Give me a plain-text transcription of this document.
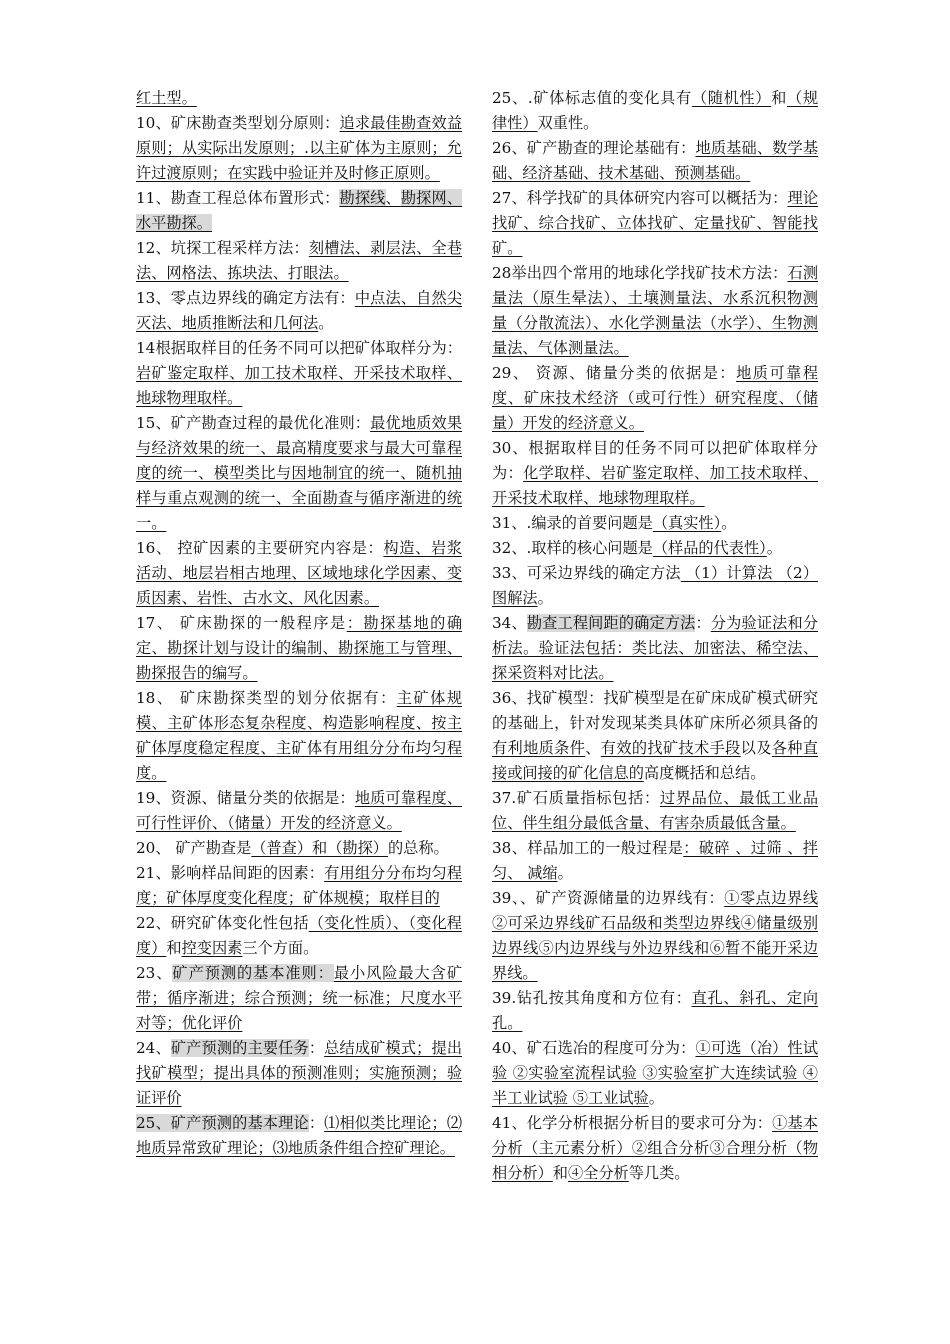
红土型。
10、矿床勘查类型划分原则：追求最佳勘查效益原则；从实际出发原则；.以主矿体为主原则；允许过渡原则；在实践中验证并及时修正原则。
11、勘查工程总体布置形式：勘探线、勘探网、水平勘探。
12、坑探工程采样方法：刻槽法、剥层法、全巷法、网格法、拣块法、打眼法。
13、零点边界线的确定方法有：中点法、自然尖灭法、地质推断法和几何法。
14根据取样目的任务不同可以把矿体取样分为：岩矿鉴定取样、加工技术取样、开采技术取样、地球物理取样。
15、矿产勘查过程的最优化准则：最优地质效果与经济效果的统一、最高精度要求与最大可靠程度的统一、模型类比与因地制宜的统一、随机抽样与重点观测的统一、全面勘查与循序渐进的统一。
16、 控矿因素的主要研究内容是：构造、岩浆活动、地层岩相古地理、区域地球化学因素、变质因素、岩性、古水文、风化因素。
17、 矿床勘探的一般程序是：勘探基地的确定、勘探计划与设计的编制、勘探施工与管理、勘探报告的编写。
18、 矿床勘探类型的划分依据有：主矿体规模、主矿体形态复杂程度、构造影响程度、按主矿体厚度稳定程度、主矿体有用组分分布均匀程度。
19、资源、储量分类的依据是：地质可靠程度、可行性评价、（储量）开发的经济意义。
20、 矿产勘查是（普查）和（勘探）的总称。
21、影响样品间距的因素：有用组分分布均匀程度；矿体厚度变化程度；矿体规模；取样目的
22、研究矿体变化性包括（变化性质）、（变化程度）和控变因素三个方面。
23、矿产预测的基本准则：最小风险最大含矿带；循序渐进；综合预测；统一标准；尺度水平对等；优化评价
24、矿产预测的主要任务：总结成矿模式；提出找矿模型；提出具体的预测准则；实施预测；验证评价
25、矿产预测的基本理论：⑴相似类比理论；⑵地质异常致矿理论；⑶地质条件组合控矿理论。
25、.矿体标志值的变化具有（随机性）和（规律性）双重性。
26、矿产勘查的理论基础有：地质基础、数学基础、经济基础、技术基础、预测基础。
27、科学找矿的具体研究内容可以概括为：理论找矿、综合找矿、立体找矿、定量找矿、智能找矿。
28举出四个常用的地球化学找矿技术方法：石测量法（原生晕法）、土壤测量法、水系沉积物测量（分散流法）、水化学测量法（水学）、生物测量法、气体测量法。
29、 资源、储量分类的依据是：地质可靠程度、矿床技术经济（或可行性）研究程度、（储量）开发的经济意义。
30、根据取样目的任务不同可以把矿体取样分为：化学取样、岩矿鉴定取样、加工技术取样、开采技术取样、地球物理取样。
31、.编录的首要问题是（真实性）。
32、.取样的核心问题是（样品的代表性）。
33、可采边界线的确定方法 （1）计算法 （2）图解法。
34、勘查工程间距的确定方法：分为验证法和分析法。验证法包括：类比法、加密法、稀空法、探采资料对比法。
36、找矿模型：找矿模型是在矿床成矿模式研究的基础上，针对发现某类具体矿床所必须具备的有利地质条件、有效的找矿技术手段以及各种直接或间接的矿化信息的高度概括和总结。
37.矿石质量指标包括：过界品位、最低工业品位、伴生组分最低含量、有害杂质最低含量。
38、样品加工的一般过程是：破碎 、过筛 、拌匀、 减缩。
39、、矿产资源储量的边界线有：①零点边界线②可采边界线矿石品级和类型边界线④储量级别边界线⑤内边界线与外边界线和⑥暂不能开采边界线。
39.钻孔按其角度和方位有：直孔、斜孔、定向孔。
40、矿石选冶的程度可分为：①可选（冶）性试验 ②实验室流程试验 ③实验室扩大连续试验 ④半工业试验 ⑤工业试验。
41、化学分析根据分析目的要求可分为：①基本分析（主元素分析）②组合分析③合理分析（物相分析）和④全分析等几类。
